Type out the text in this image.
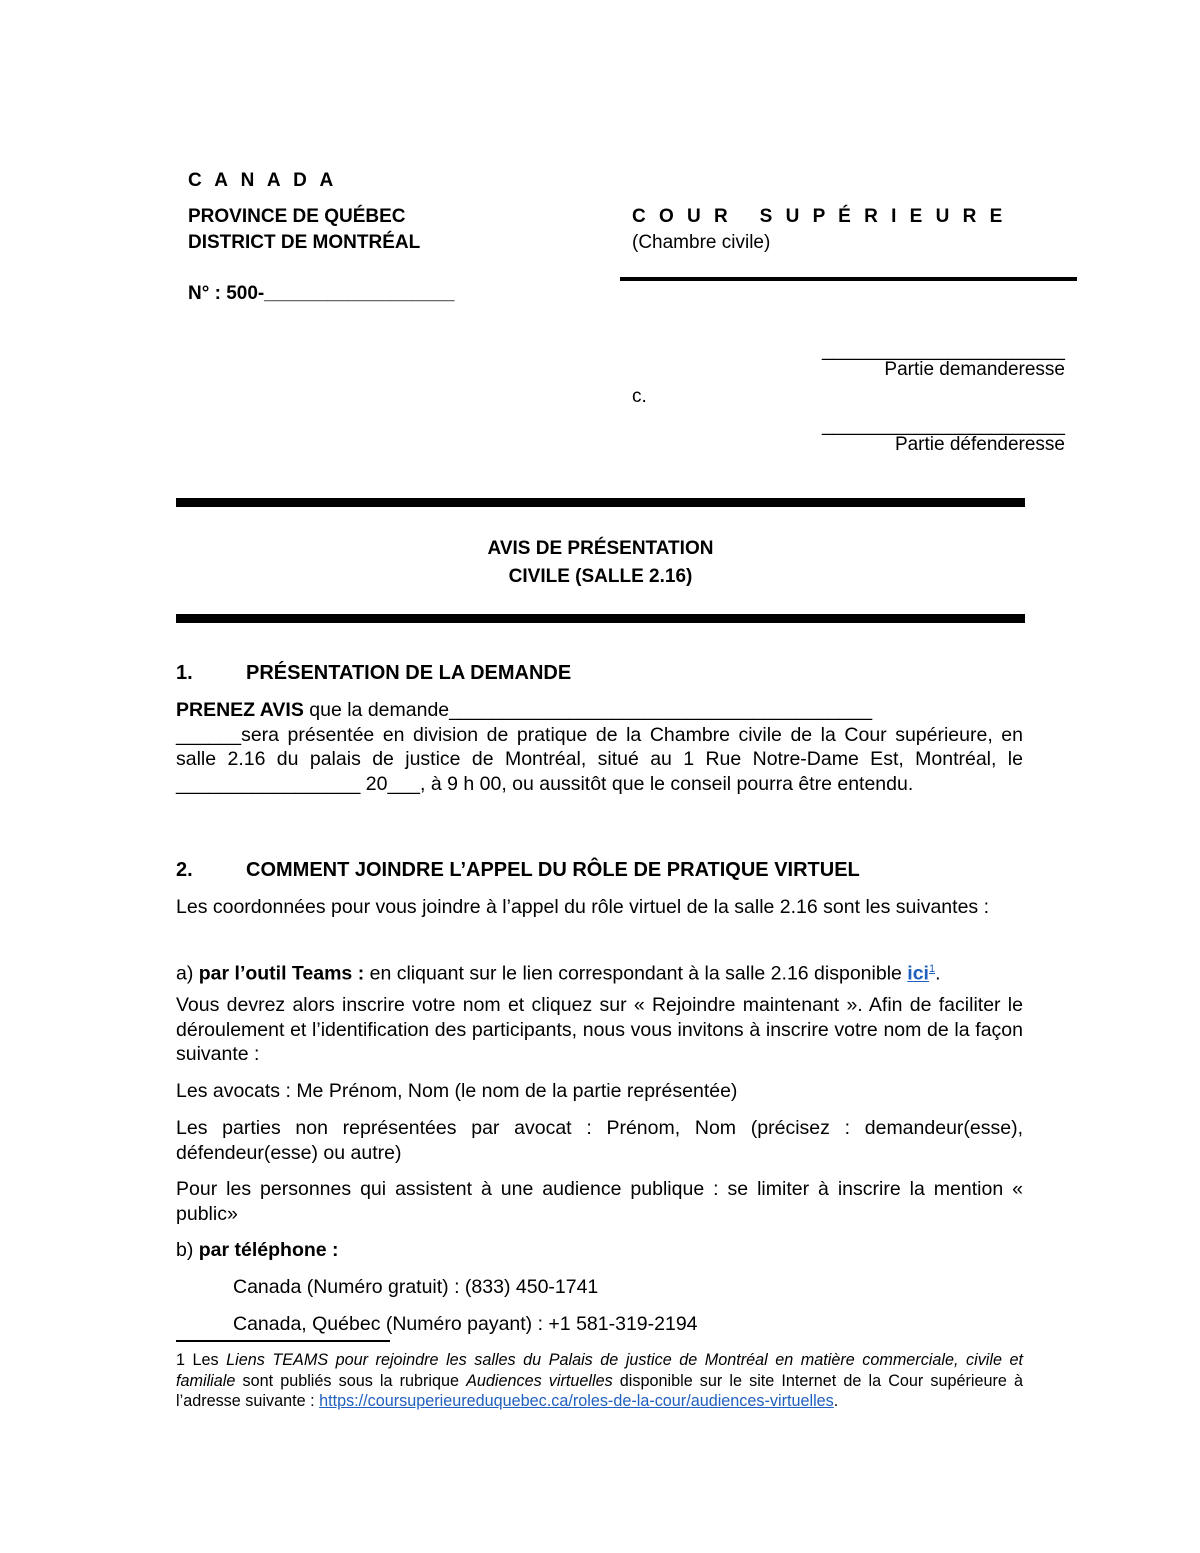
C A N A D A
PROVINCE DE QUÉBEC
DISTRICT DE MONTRÉAL
N° : 500-__________________
C O U R   S U P É R I E U R E
(Chambre civile)
_______________________
Partie demanderesse
c.
_______________________
Partie défenderesse
AVIS DE PRÉSENTATION
CIVILE (SALLE 2.16)
1.	PRÉSENTATION DE LA DEMANDE
PRENEZ AVIS que la demande_______________________________________
______sera présentée en division de pratique de la Chambre civile de la Cour supérieure, en salle 2.16 du palais de justice de Montréal, situé au 1 Rue Notre-Dame Est, Montréal, le _________________ 20___, à 9 h 00, ou aussitôt que le conseil pourra être entendu.
2.	COMMENT JOINDRE L’APPEL DU RÔLE DE PRATIQUE VIRTUEL
Les coordonnées pour vous joindre à l’appel du rôle virtuel de la salle 2.16 sont les suivantes :
a) par l’outil Teams : en cliquant sur le lien correspondant à la salle 2.16 disponible ici$^1$.
Vous devrez alors inscrire votre nom et cliquez sur « Rejoindre maintenant ». Afin de faciliter le déroulement et l’identification des participants, nous vous invitons à inscrire votre nom de la façon suivante :
Les avocats : Me Prénom, Nom (le nom de la partie représentée)
Les parties non représentées par avocat : Prénom, Nom (précisez : demandeur(esse), défendeur(esse) ou autre)
Pour les personnes qui assistent à une audience publique : se limiter à inscrire la mention « public»
b) par téléphone :
Canada (Numéro gratuit) : (833) 450-1741
Canada, Québec (Numéro payant) : +1 581-319-2194
1 Les Liens TEAMS pour rejoindre les salles du Palais de justice de Montréal en matière commerciale, civile et familiale sont publiés sous la rubrique Audiences virtuelles disponible sur le site Internet de la Cour supérieure à l’adresse suivante : https://coursuperieureduquebec.ca/roles-de-la-cour/audiences-virtuelles.
